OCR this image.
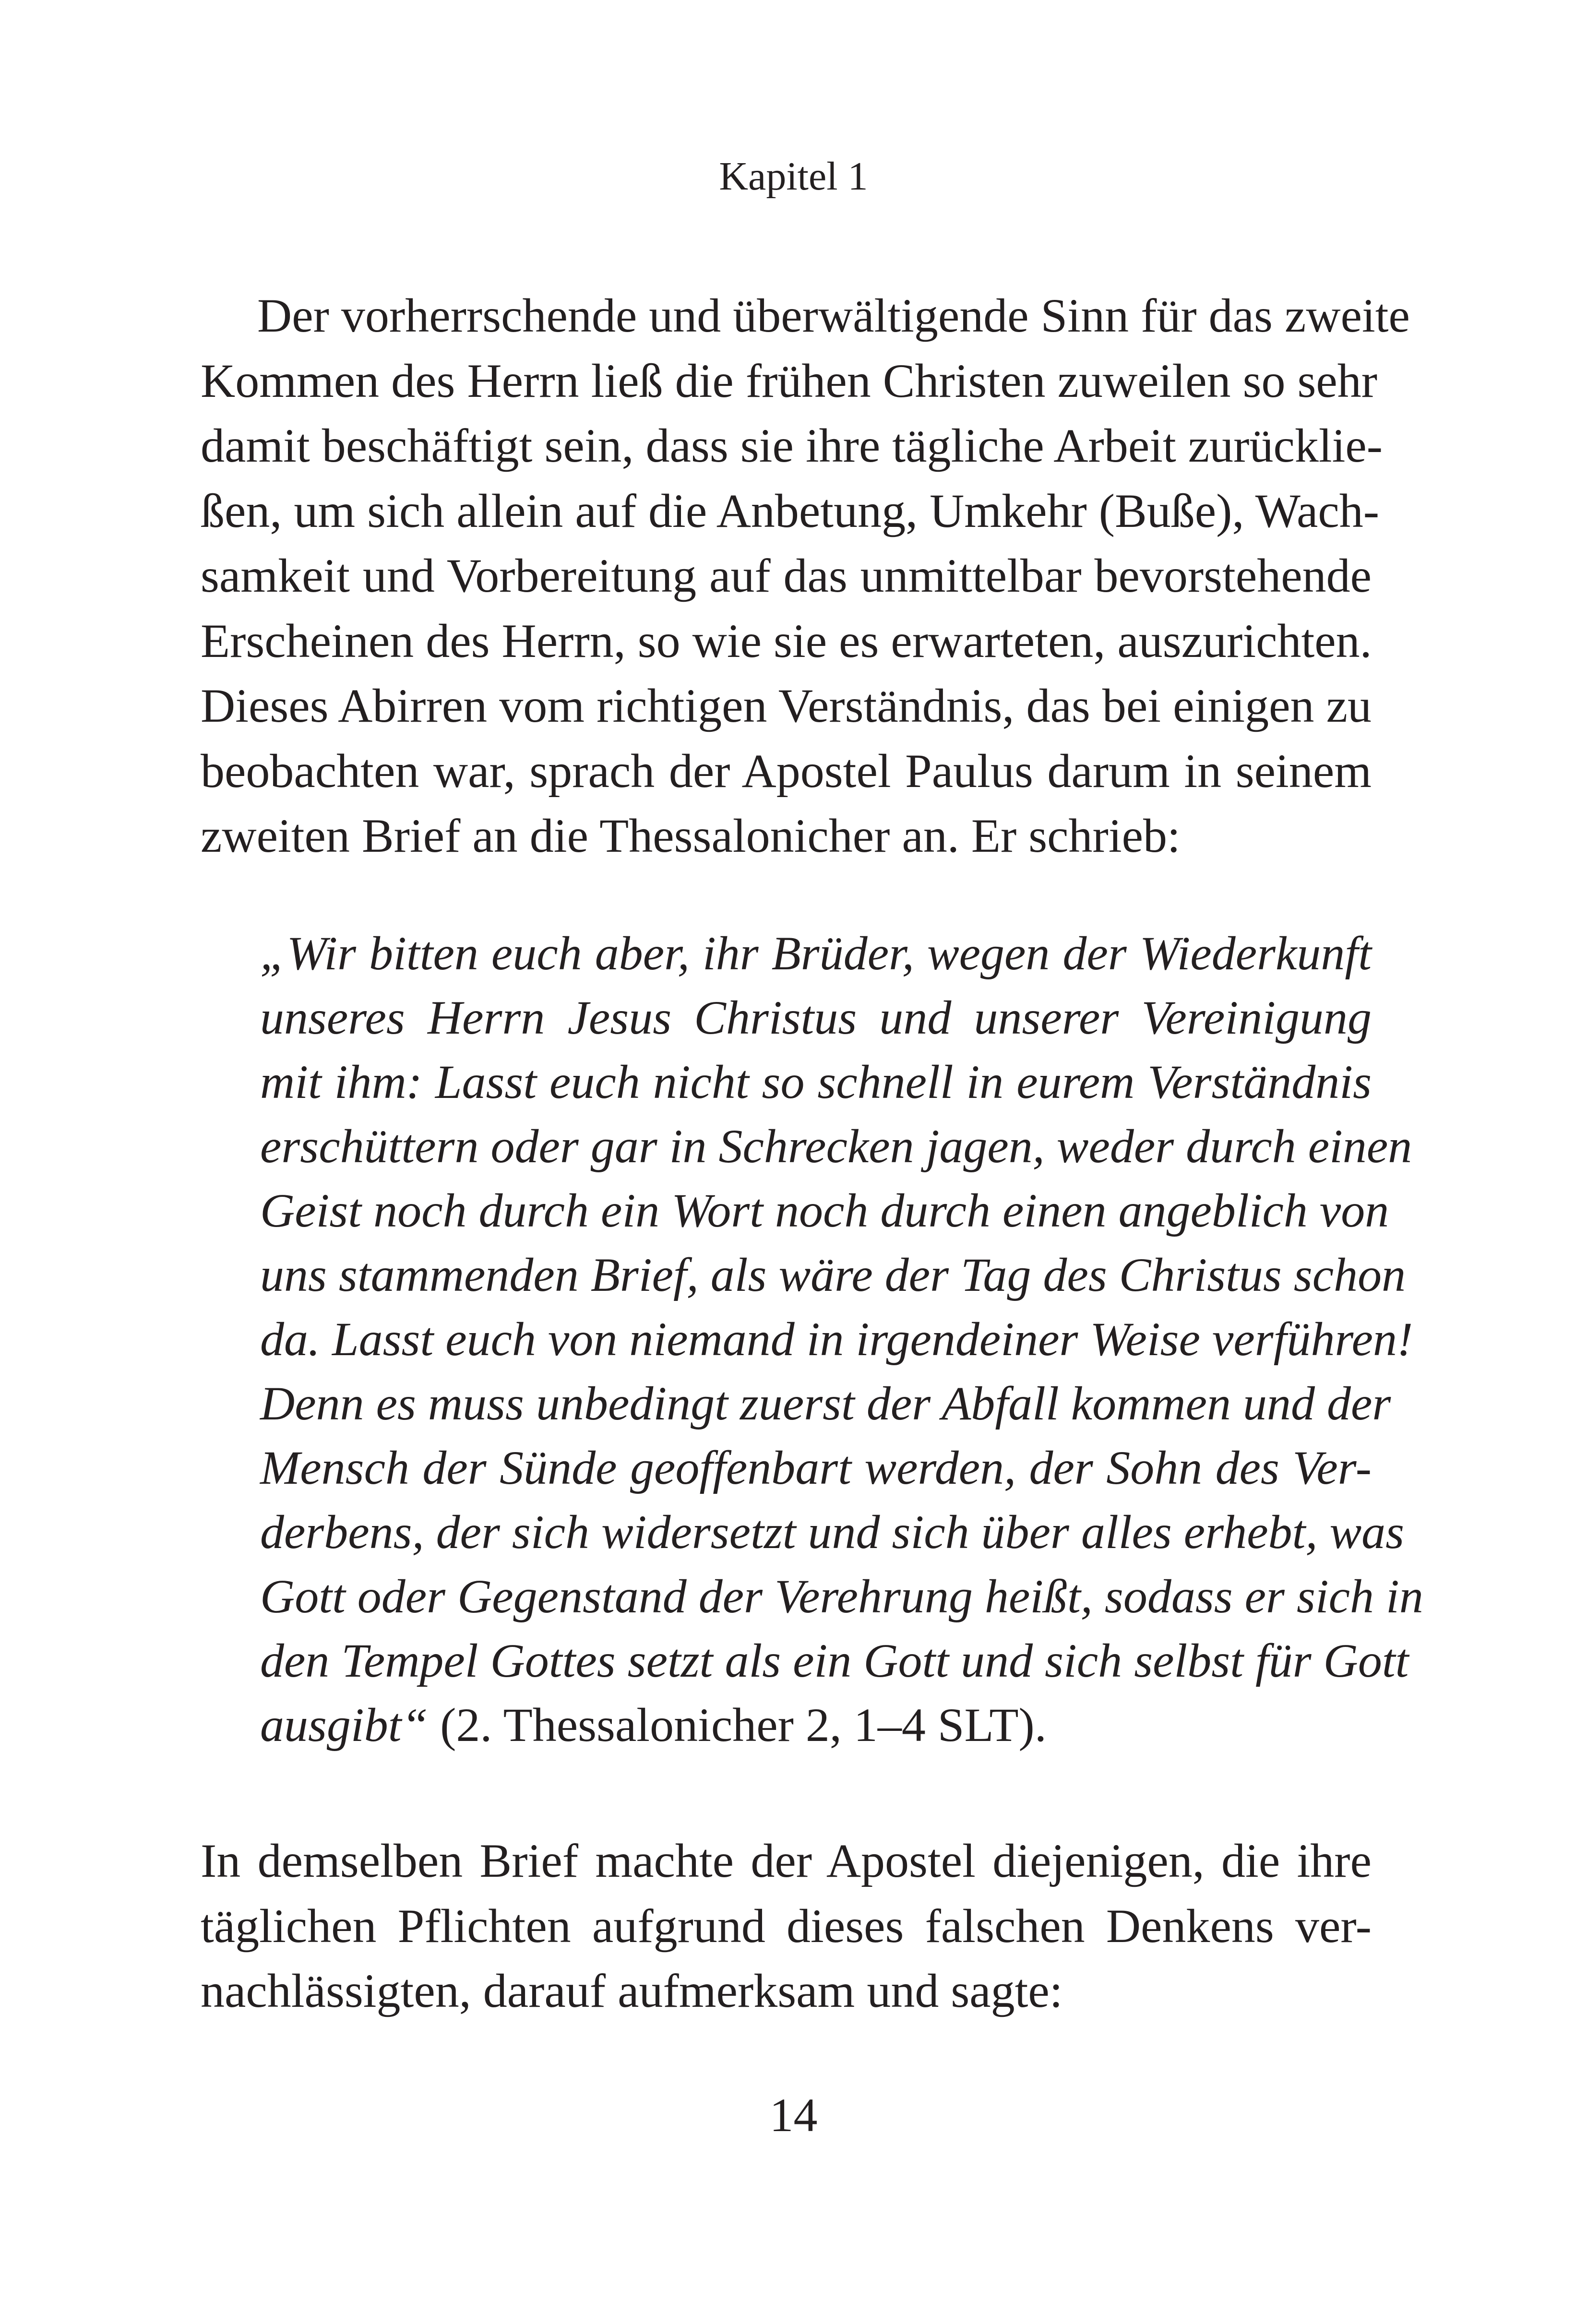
Kapitel 1
Der vorherrschende und überwältigende Sinn für das zweite
Kommen des Herrn ließ die frühen Christen zuweilen so sehr
damit beschäftigt sein, dass sie ihre tägliche Arbeit zurücklie-
ßen, um sich allein auf die Anbetung, Umkehr (Buße), Wach-
samkeit und Vorbereitung auf das unmittelbar bevorstehende
Erscheinen des Herrn, so wie sie es erwarteten, auszurichten.
Dieses Abirren vom richtigen Verständnis, das bei einigen zu
beobachten war, sprach der Apostel Paulus darum in seinem
zweiten Brief an die Thessalonicher an. Er schrieb:
„Wir bitten euch aber, ihr Brüder, wegen der Wiederkunft
unseres Herrn Jesus Christus und unserer Vereinigung
mit ihm: Lasst euch nicht so schnell in eurem Verständnis
erschüttern oder gar in Schrecken jagen, weder durch einen
Geist noch durch ein Wort noch durch einen angeblich von
uns stammenden Brief, als wäre der Tag des Christus schon
da. Lasst euch von niemand in irgendeiner Weise verführen!
Denn es muss unbedingt zuerst der Abfall kommen und der
Mensch der Sünde geoffenbart werden, der Sohn des Ver-
derbens, der sich widersetzt und sich über alles erhebt, was
Gott oder Gegenstand der Verehrung heißt, sodass er sich in
den Tempel Gottes setzt als ein Gott und sich selbst für Gott
ausgibt“ (2. Thessalonicher 2, 1–4 SLT).
In demselben Brief machte der Apostel diejenigen, die ihre
täglichen Pflichten aufgrund dieses falschen Denkens ver-
nachlässigten, darauf aufmerksam und sagte:
14
